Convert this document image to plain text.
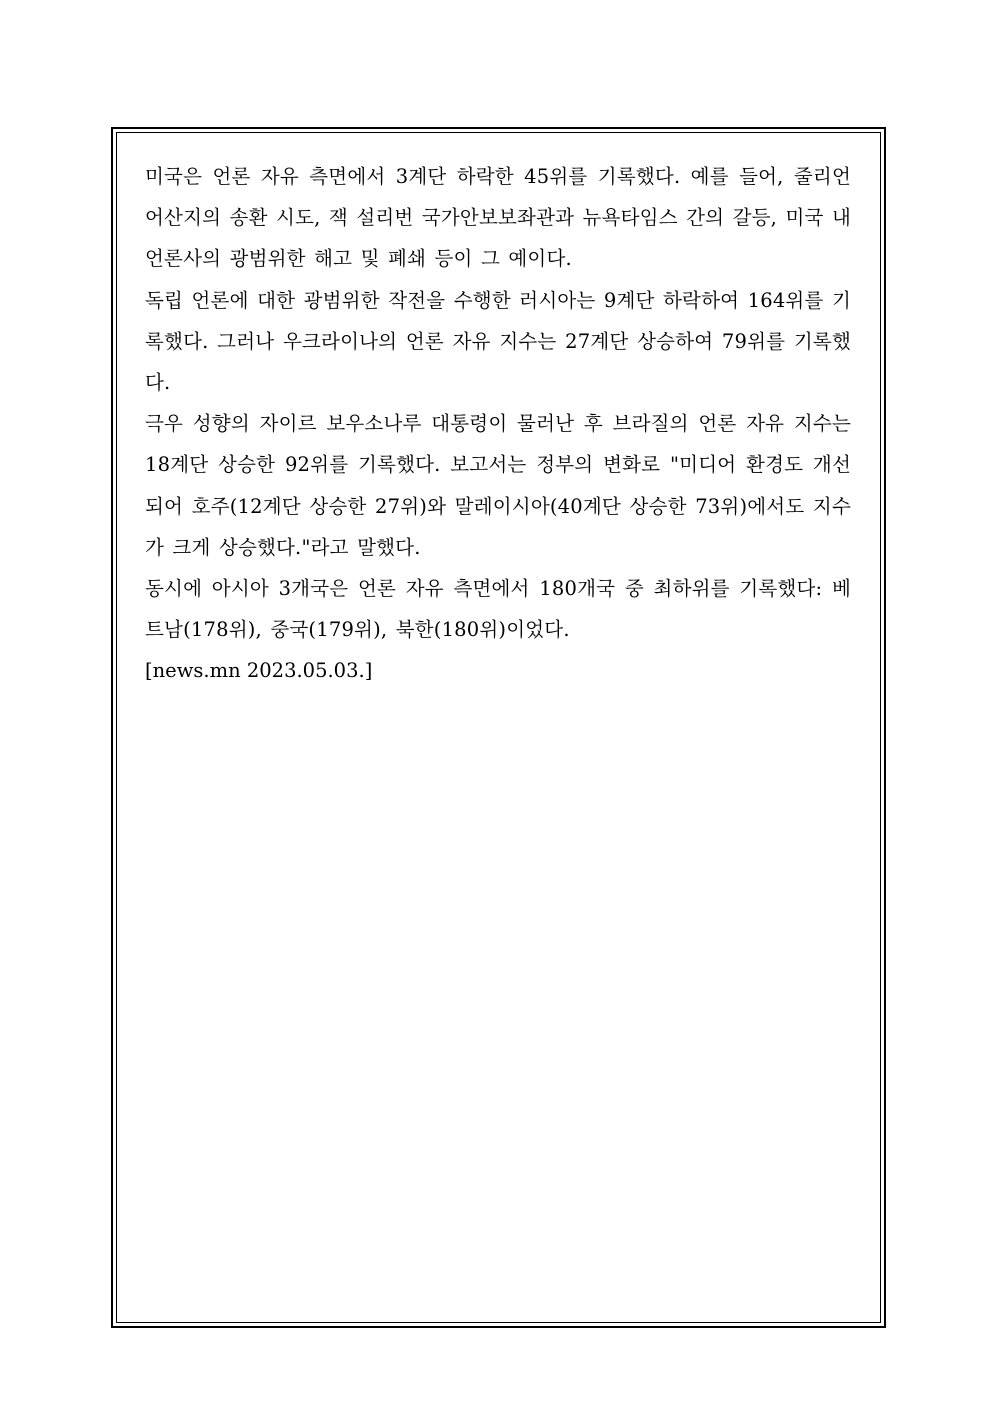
미국은 언론 자유 측면에서 3계단 하락한 45위를 기록했다. 예를 들어, 줄리언 어산지의 송환 시도, 잭 설리번 국가안보보좌관과 뉴욕타임스 간의 갈등, 미국 내 언론사의 광범위한 해고 및 폐쇄 등이 그 예이다.

독립 언론에 대한 광범위한 작전을 수행한 러시아는 9계단 하락하여 164위를 기록했다. 그러나 우크라이나의 언론 자유 지수는 27계단 상승하여 79위를 기록했다.

극우 성향의 자이르 보우소나루 대통령이 물러난 후 브라질의 언론 자유 지수는 18계단 상승한 92위를 기록했다. 보고서는 정부의 변화로 "미디어 환경도 개선되어 호주(12계단 상승한 27위)와 말레이시아(40계단 상승한 73위)에서도 지수가 크게 상승했다."라고 말했다.

동시에 아시아 3개국은 언론 자유 측면에서 180개국 중 최하위를 기록했다: 베트남(178위), 중국(179위), 북한(180위)이었다.

[news.mn 2023.05.03.]
